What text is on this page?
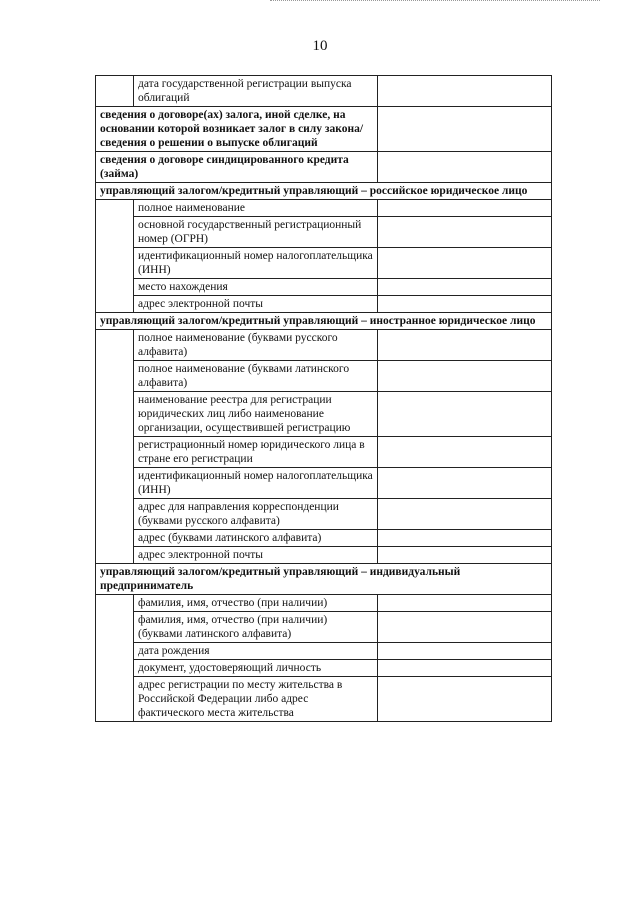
10
	дата государственной регистрации выпуска облигаций	
сведения о договоре(ах) залога, иной сделке, на основании которой возникает залог в силу закона/сведения о решении о выпуске облигаций		
сведения о договоре синдицированного кредита (займа)		
управляющий залогом/кредитный управляющий – российское юридическое лицо		
	полное наименование	
	основной государственный регистрационный номер (ОГРН)	
	идентификационный номер налогоплательщика (ИНН)	
	место нахождения	
	адрес электронной почты	
управляющий залогом/кредитный управляющий – иностранное юридическое лицо		
	полное наименование (буквами русского алфавита)	
	полное наименование (буквами латинского алфавита)	
	наименование реестра для регистрации юридических лиц либо наименование организации, осуществившей регистрацию	
	регистрационный номер юридического лица в стране его регистрации	
	идентификационный номер налогоплательщика (ИНН)	
	адрес для направления корреспонденции (буквами русского алфавита)	
	адрес (буквами латинского алфавита)	
	адрес электронной почты	
управляющий залогом/кредитный управляющий – индивидуальный предприниматель		
	фамилия, имя, отчество (при наличии)	
	фамилия, имя, отчество (при наличии) (буквами латинского алфавита)	
	дата рождения	
	документ, удостоверяющий личность	
	адрес регистрации по месту жительства в Российской Федерации либо адрес фактического места жительства	
